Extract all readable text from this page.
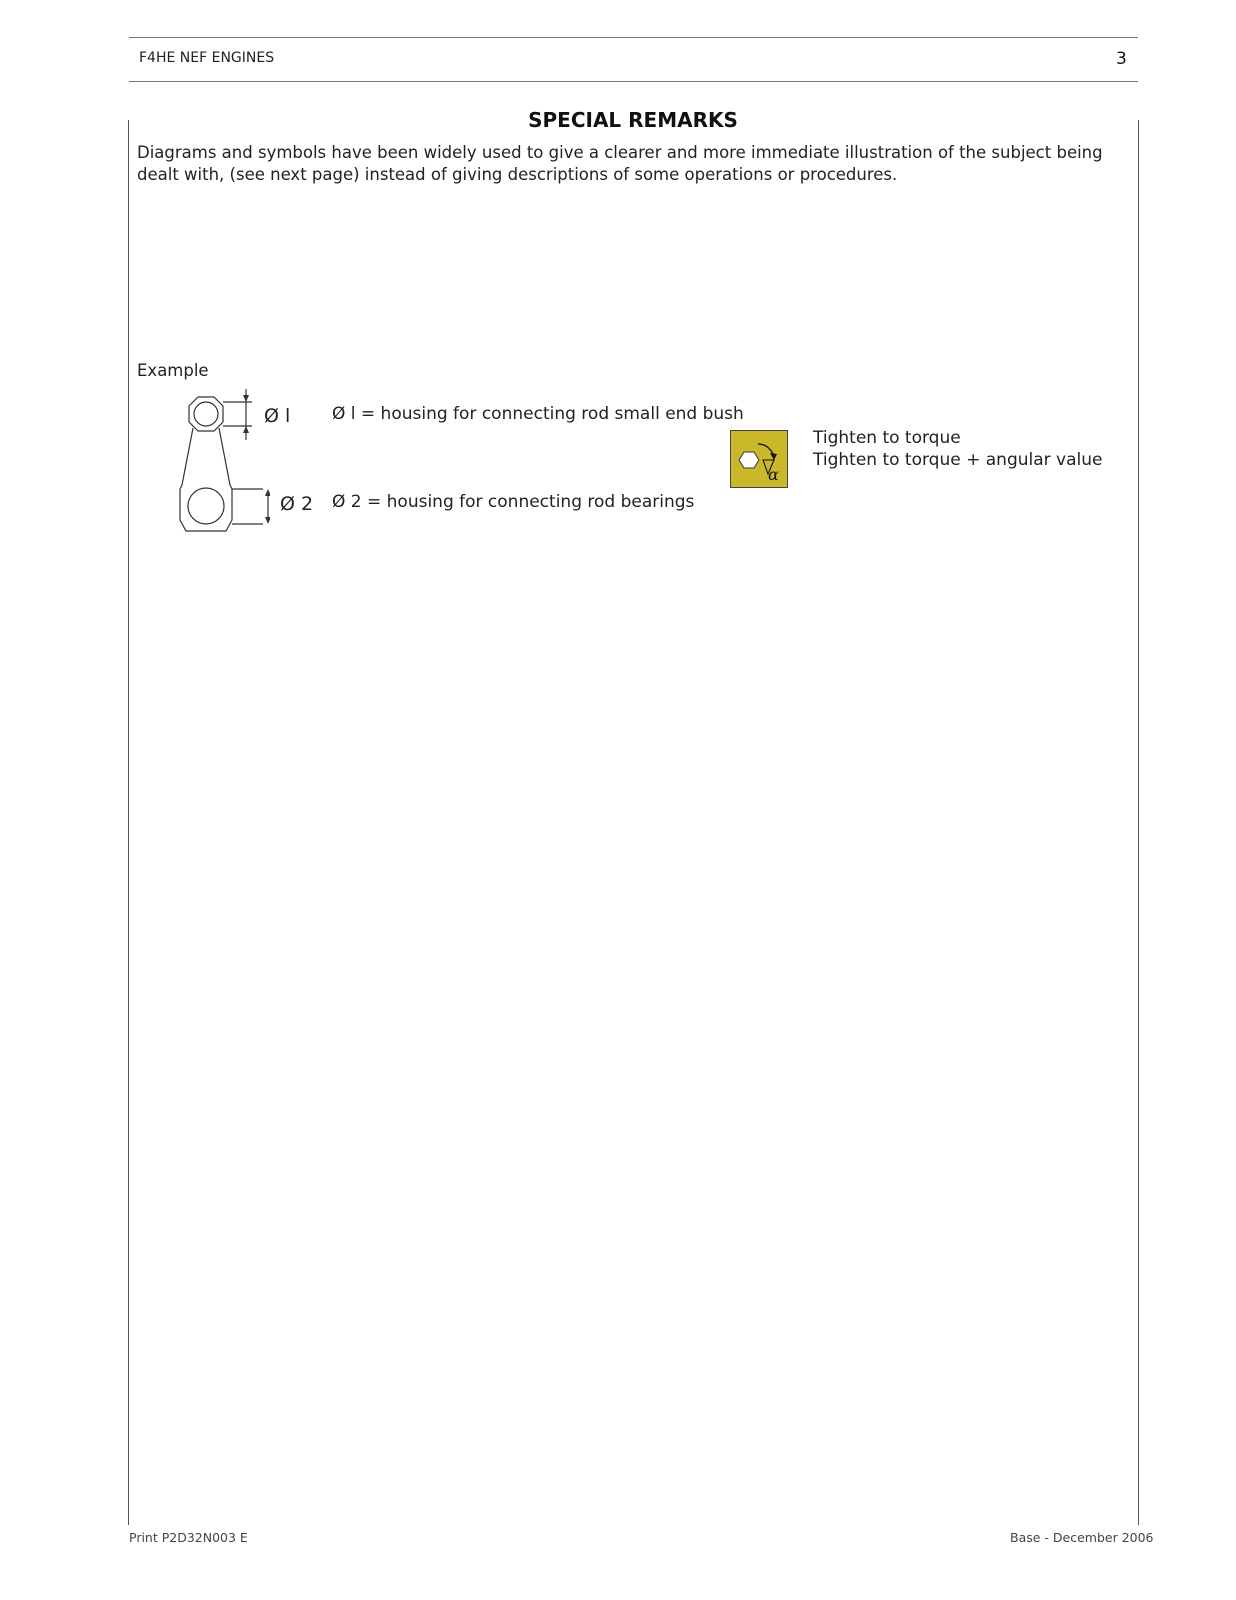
F4HE NEF ENGINES	3
SPECIAL REMARKS
Diagrams and symbols have been widely used to give a clearer and more immediate illustration of the subject being dealt with, (see next page) instead of giving descriptions of some operations or procedures.
Example
Ø l
Ø 2
Ø l = housing for connecting rod small end bush
Ø 2 = housing for connecting rod bearings
α
Tighten to torque
Tighten to torque + angular value
Print P2D32N003 E	Base - December 2006
